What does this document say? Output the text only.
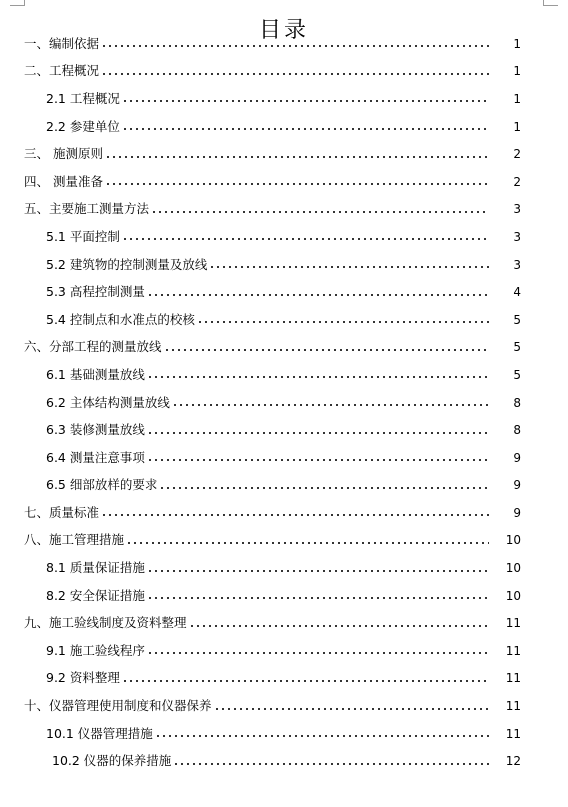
目录
一、编制依据	1
二、工程概况	1
2.1 工程概况	1
2.2 参建单位	1
三、 施测原则	2
四、 测量准备	2
五、主要施工测量方法	3
5.1 平面控制	3
5.2 建筑物的控制测量及放线	3
5.3 高程控制测量	4
5.4 控制点和水准点的校核	5
六、分部工程的测量放线	5
6.1 基础测量放线	5
6.2 主体结构测量放线	8
6.3 装修测量放线	8
6.4 测量注意事项	9
6.5 细部放样的要求	9
七、质量标准	9
八、施工管理措施	10
8.1 质量保证措施	10
8.2 安全保证措施	10
九、施工验线制度及资料整理	11
9.1 施工验线程序	11
9.2 资料整理	11
十、仪器管理使用制度和仪器保养	11
10.1 仪器管理措施	11
10.2 仪器的保养措施	12
